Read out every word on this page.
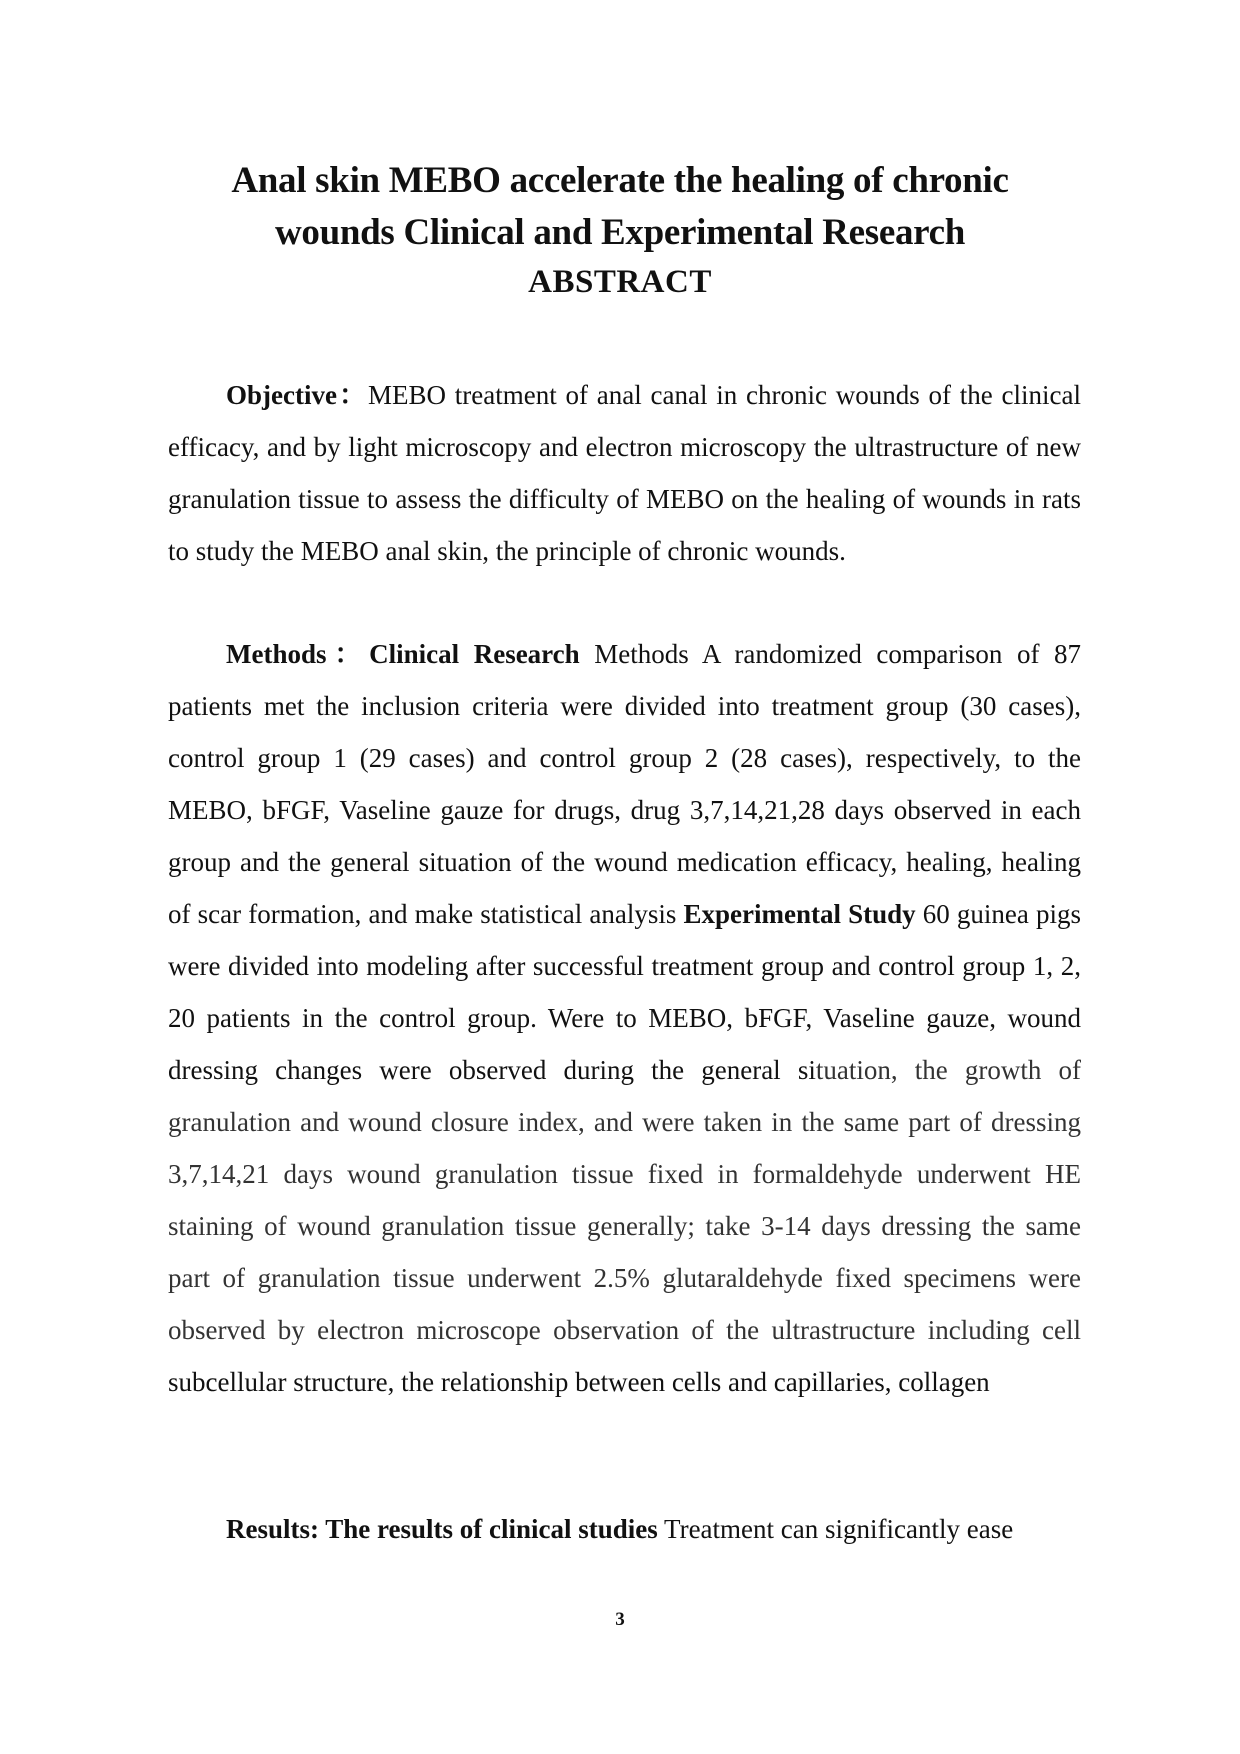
Anal skin MEBO accelerate the healing of chronic
wounds Clinical and Experimental Research
ABSTRACT

Objective：MEBO treatment of anal canal in chronic wounds of the clinical efficacy, and by light microscopy and electron microscopy the ultrastructure of new granulation tissue to assess the difficulty of MEBO on the healing of wounds in rats to study the MEBO anal skin, the principle of chronic wounds.

Methods：Clinical Research Methods A randomized comparison of 87 patients met the inclusion criteria were divided into treatment group (30 cases), control group 1 (29 cases) and control group 2 (28 cases), respectively, to the MEBO, bFGF, Vaseline gauze for drugs, drug 3,7,14,21,28 days observed in each group and the general situation of the wound medication efficacy, healing, healing of scar formation, and make statistical analysis Experimental Study 60 guinea pigs were divided into modeling after successful treatment group and control group 1, 2, 20 patients in the control group. Were to MEBO, bFGF, Vaseline gauze, wound dressing changes were observed during the general situation, the growth of granulation and wound closure index, and were taken in the same part of dressing 3,7,14,21 days wound granulation tissue fixed in formaldehyde underwent HE staining of wound granulation tissue generally; take 3-14 days dressing the same part of granulation tissue underwent 2.5% glutaraldehyde fixed specimens were observed by electron microscope observation of the ultrastructure including cell subcellular structure, the relationship between cells and capillaries, collagen

Results: The results of clinical studies Treatment can significantly ease

3
